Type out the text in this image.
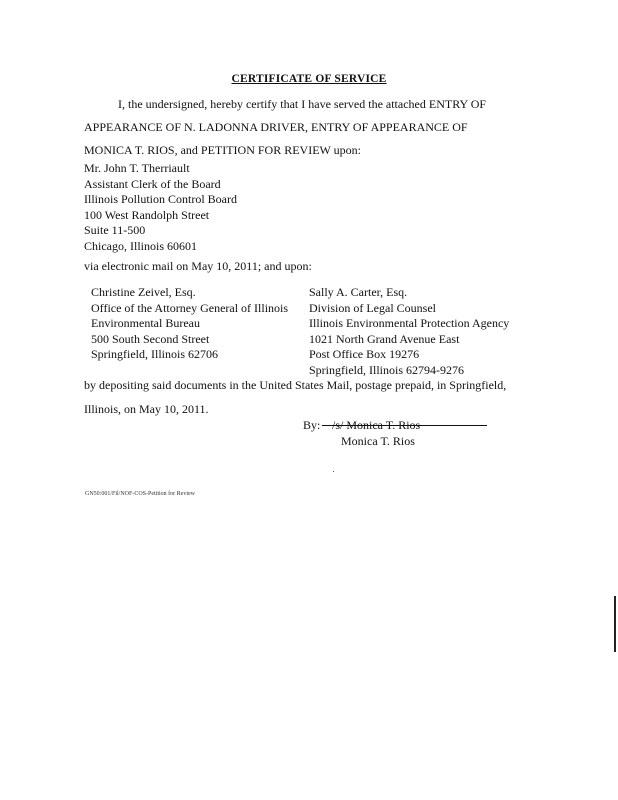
CERTIFICATE OF SERVICE
I, the undersigned, hereby certify that I have served the attached ENTRY OF
APPEARANCE OF N. LADONNA DRIVER, ENTRY OF APPEARANCE OF
MONICA T. RIOS, and PETITION FOR REVIEW upon:
Mr. John T. Therriault
Assistant Clerk of the Board
Illinois Pollution Control Board
100 West Randolph Street
Suite 11-500
Chicago, Illinois 60601
via electronic mail on May 10, 2011; and upon:
Christine Zeivel, Esq.
Office of the Attorney General of Illinois
Environmental Bureau
500 South Second Street
Springfield, Illinois 62706
Sally A. Carter, Esq.
Division of Legal Counsel
Illinois Environmental Protection Agency
1021 North Grand Avenue East
Post Office Box 19276
Springfield, Illinois 62794-9276
by depositing said documents in the United States Mail, postage prepaid, in Springfield,
Illinois, on May 10, 2011.
By: /s/ Monica T. Rios
Monica T. Rios
GN50:001/Fil/NOF-COS-Petition for Review
